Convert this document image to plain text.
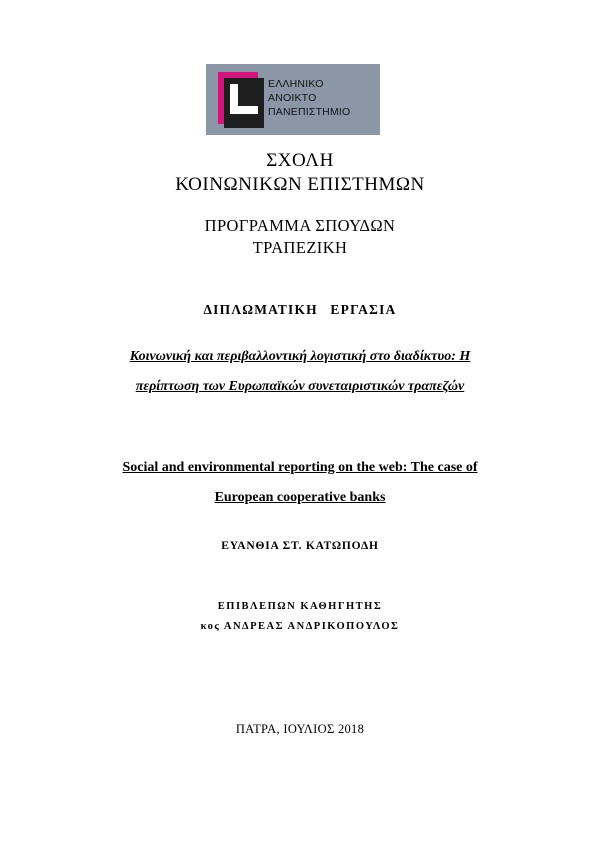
ΕΛΛΗΝΙΚΟ
ΑΝΟΙΚΤΟ
ΠΑΝΕΠΙΣΤΗΜΙΟ
ΣΧΟΛΗ
ΚΟΙΝΩΝΙΚΩΝ ΕΠΙΣΤΗΜΩΝ
ΠΡΟΓΡΑΜΜΑ ΣΠΟΥΔΩΝ
ΤΡΑΠΕΖΙΚΗ
ΔΙΠΛΩΜΑΤΙΚΗ ΕΡΓΑΣΙΑ
Κοινωνική και περιβαλλοντική λογιστική στο διαδίκτυο: Η
περίπτωση των Ευρωπαϊκών συνεταιριστικών τραπεζών
Social and environmental reporting on the web: The case of
European cooperative banks
ΕΥΑΝΘΙΑ ΣΤ. ΚΑΤΩΠΟΔΗ
ΕΠΙΒΛΕΠΩΝ ΚΑΘΗΓΗΤΗΣ
κος ΑΝΔΡΕΑΣ ΑΝΔΡΙΚΟΠΟΥΛΟΣ
ΠΑΤΡΑ, ΙΟΥΛΙΟΣ 2018
